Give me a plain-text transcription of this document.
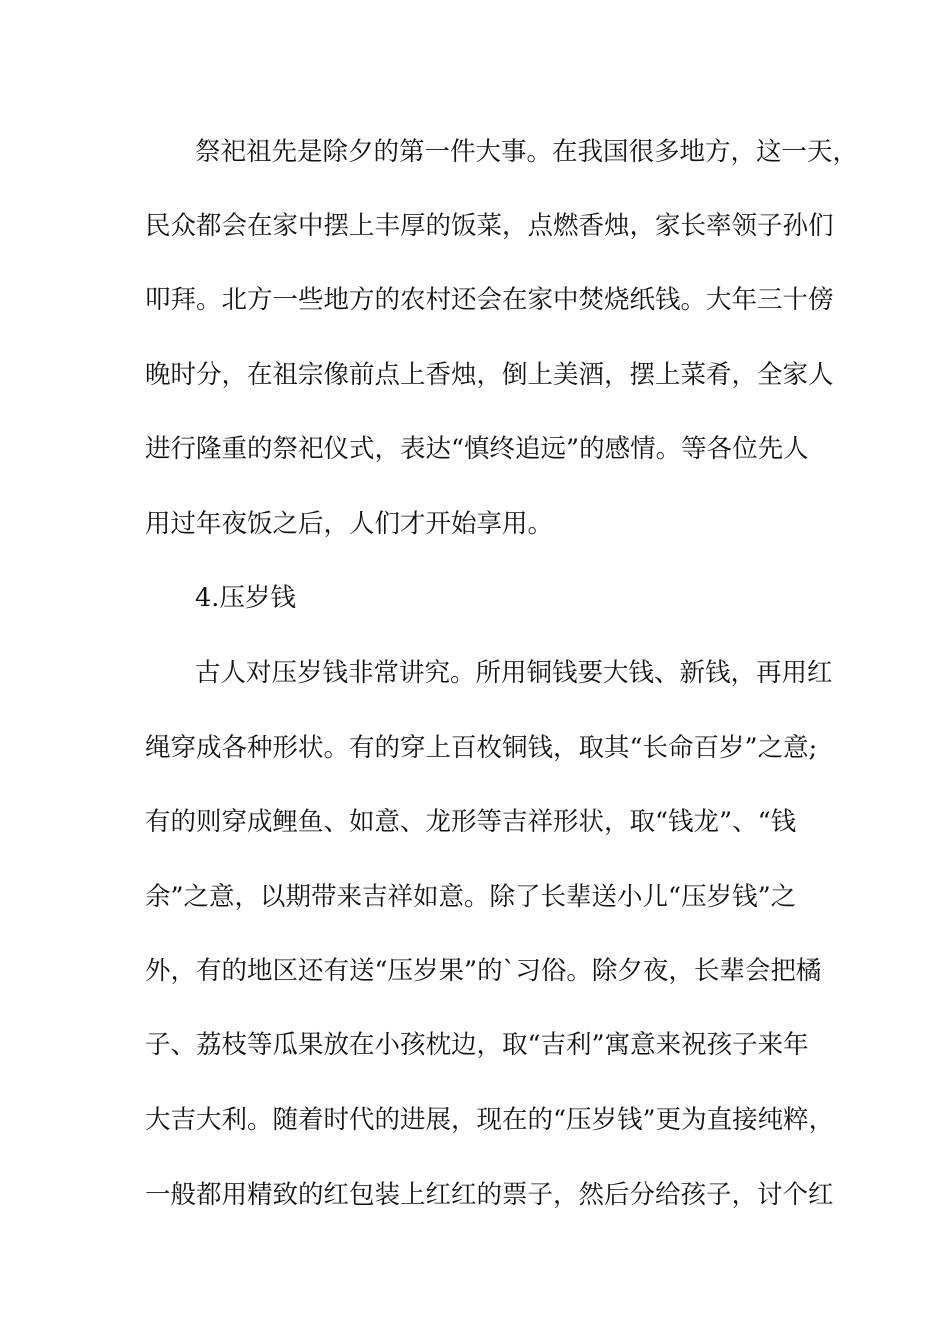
祭祀祖先是除夕的第一件大事。在我国很多地方，这一天，
民众都会在家中摆上丰厚的饭菜，点燃香烛，家长率领子孙们
叩拜。北方一些地方的农村还会在家中焚烧纸钱。大年三十傍
晚时分，在祖宗像前点上香烛，倒上美酒，摆上菜肴，全家人
进行隆重的祭祀仪式，表达“慎终追远”的感情。等各位先人
用过年夜饭之后，人们才开始享用。
4.压岁钱
古人对压岁钱非常讲究。所用铜钱要大钱、新钱，再用红
绳穿成各种形状。有的穿上百枚铜钱，取其“长命百岁”之意;
有的则穿成鲤鱼、如意、龙形等吉祥形状，取“钱龙”、“钱
余”之意，以期带来吉祥如意。除了长辈送小儿“压岁钱”之
外，有的地区还有送“压岁果”的`习俗。除夕夜，长辈会把橘
子、荔枝等瓜果放在小孩枕边，取“吉利”寓意来祝孩子来年
大吉大利。随着时代的进展，现在的“压岁钱”更为直接纯粹，
一般都用精致的红包装上红红的票子，然后分给孩子，讨个红
